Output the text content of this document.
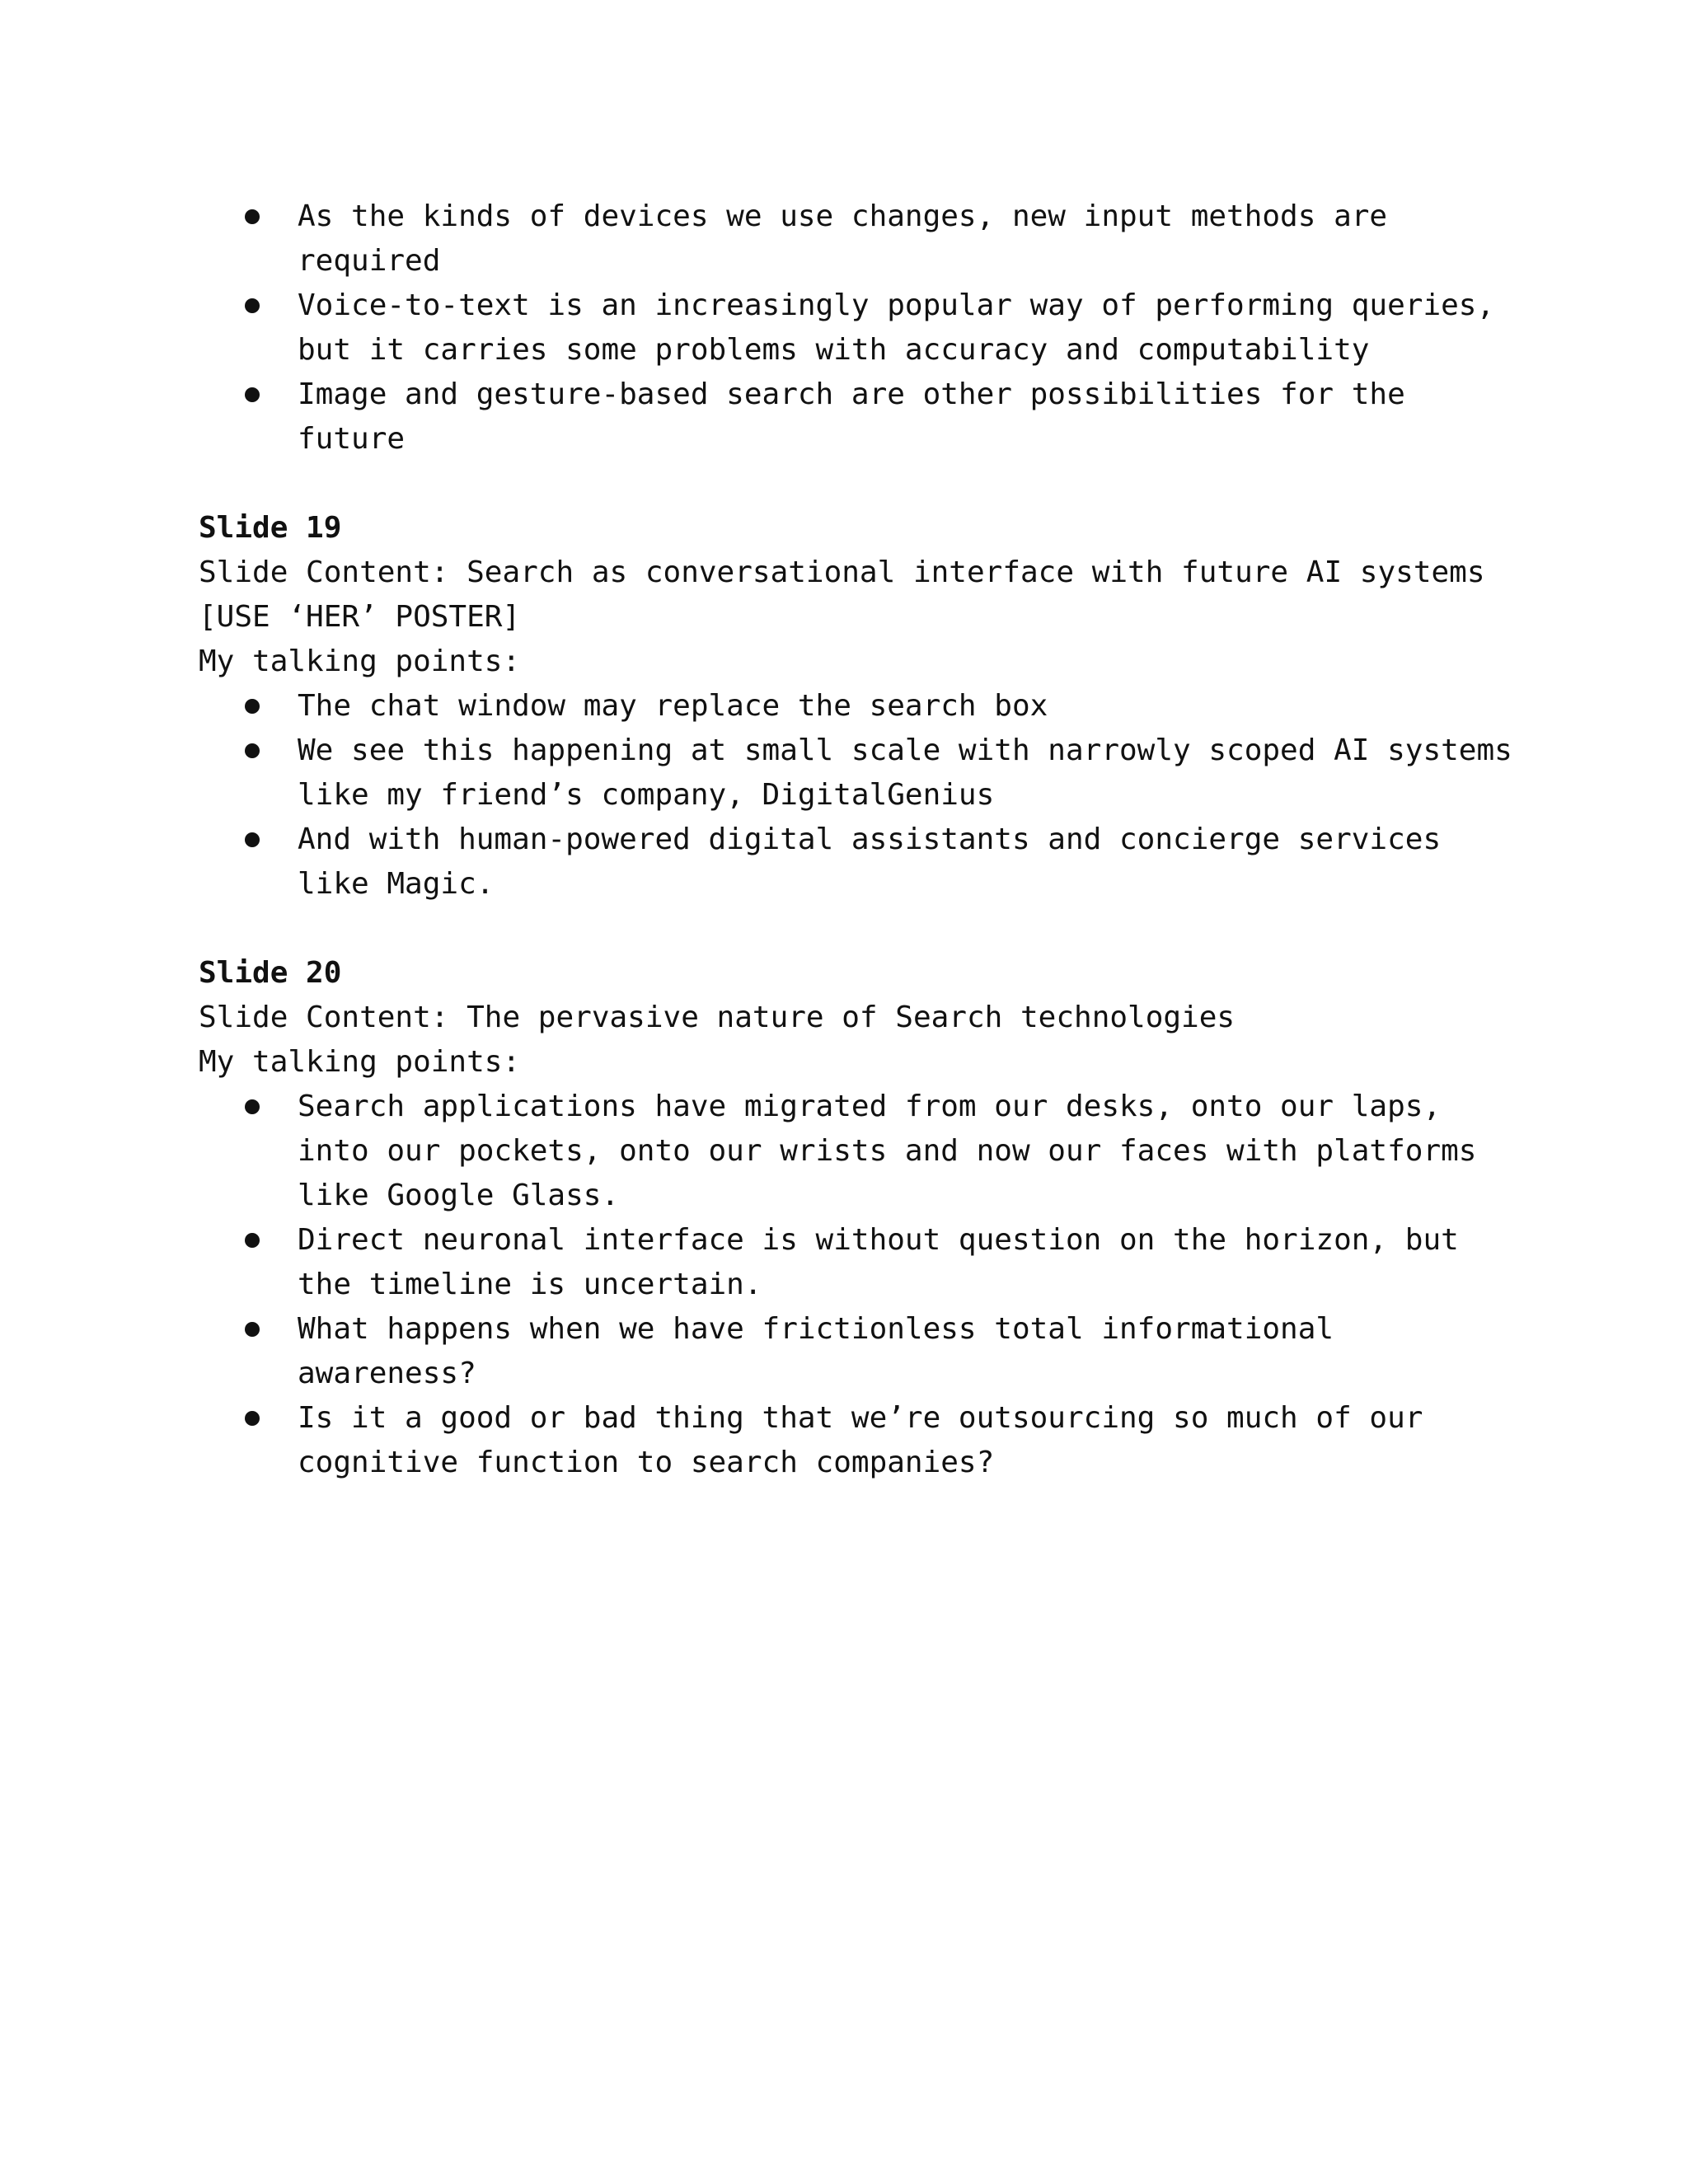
As the kinds of devices we use changes, new input methods are required
Voice-to-text is an increasingly popular way of performing queries, but it carries some problems with accuracy and computability
Image and gesture-based search are other possibilities for the future

Slide 19

Slide Content: Search as conversational interface with future AI systems [USE ‘HER’ POSTER]

My talking points:

The chat window may replace the search box
We see this happening at small scale with narrowly scoped AI systems like my friend’s company, DigitalGenius
And with human-powered digital assistants and concierge services like Magic.

Slide 20

Slide Content: The pervasive nature of Search technologies

My talking points:

Search applications have migrated from our desks, onto our laps, into our pockets, onto our wrists and now our faces with platforms like Google Glass.
Direct neuronal interface is without question on the horizon, but the timeline is uncertain.
What happens when we have frictionless total informational awareness?
Is it a good or bad thing that we’re outsourcing so much of our cognitive function to search companies?
